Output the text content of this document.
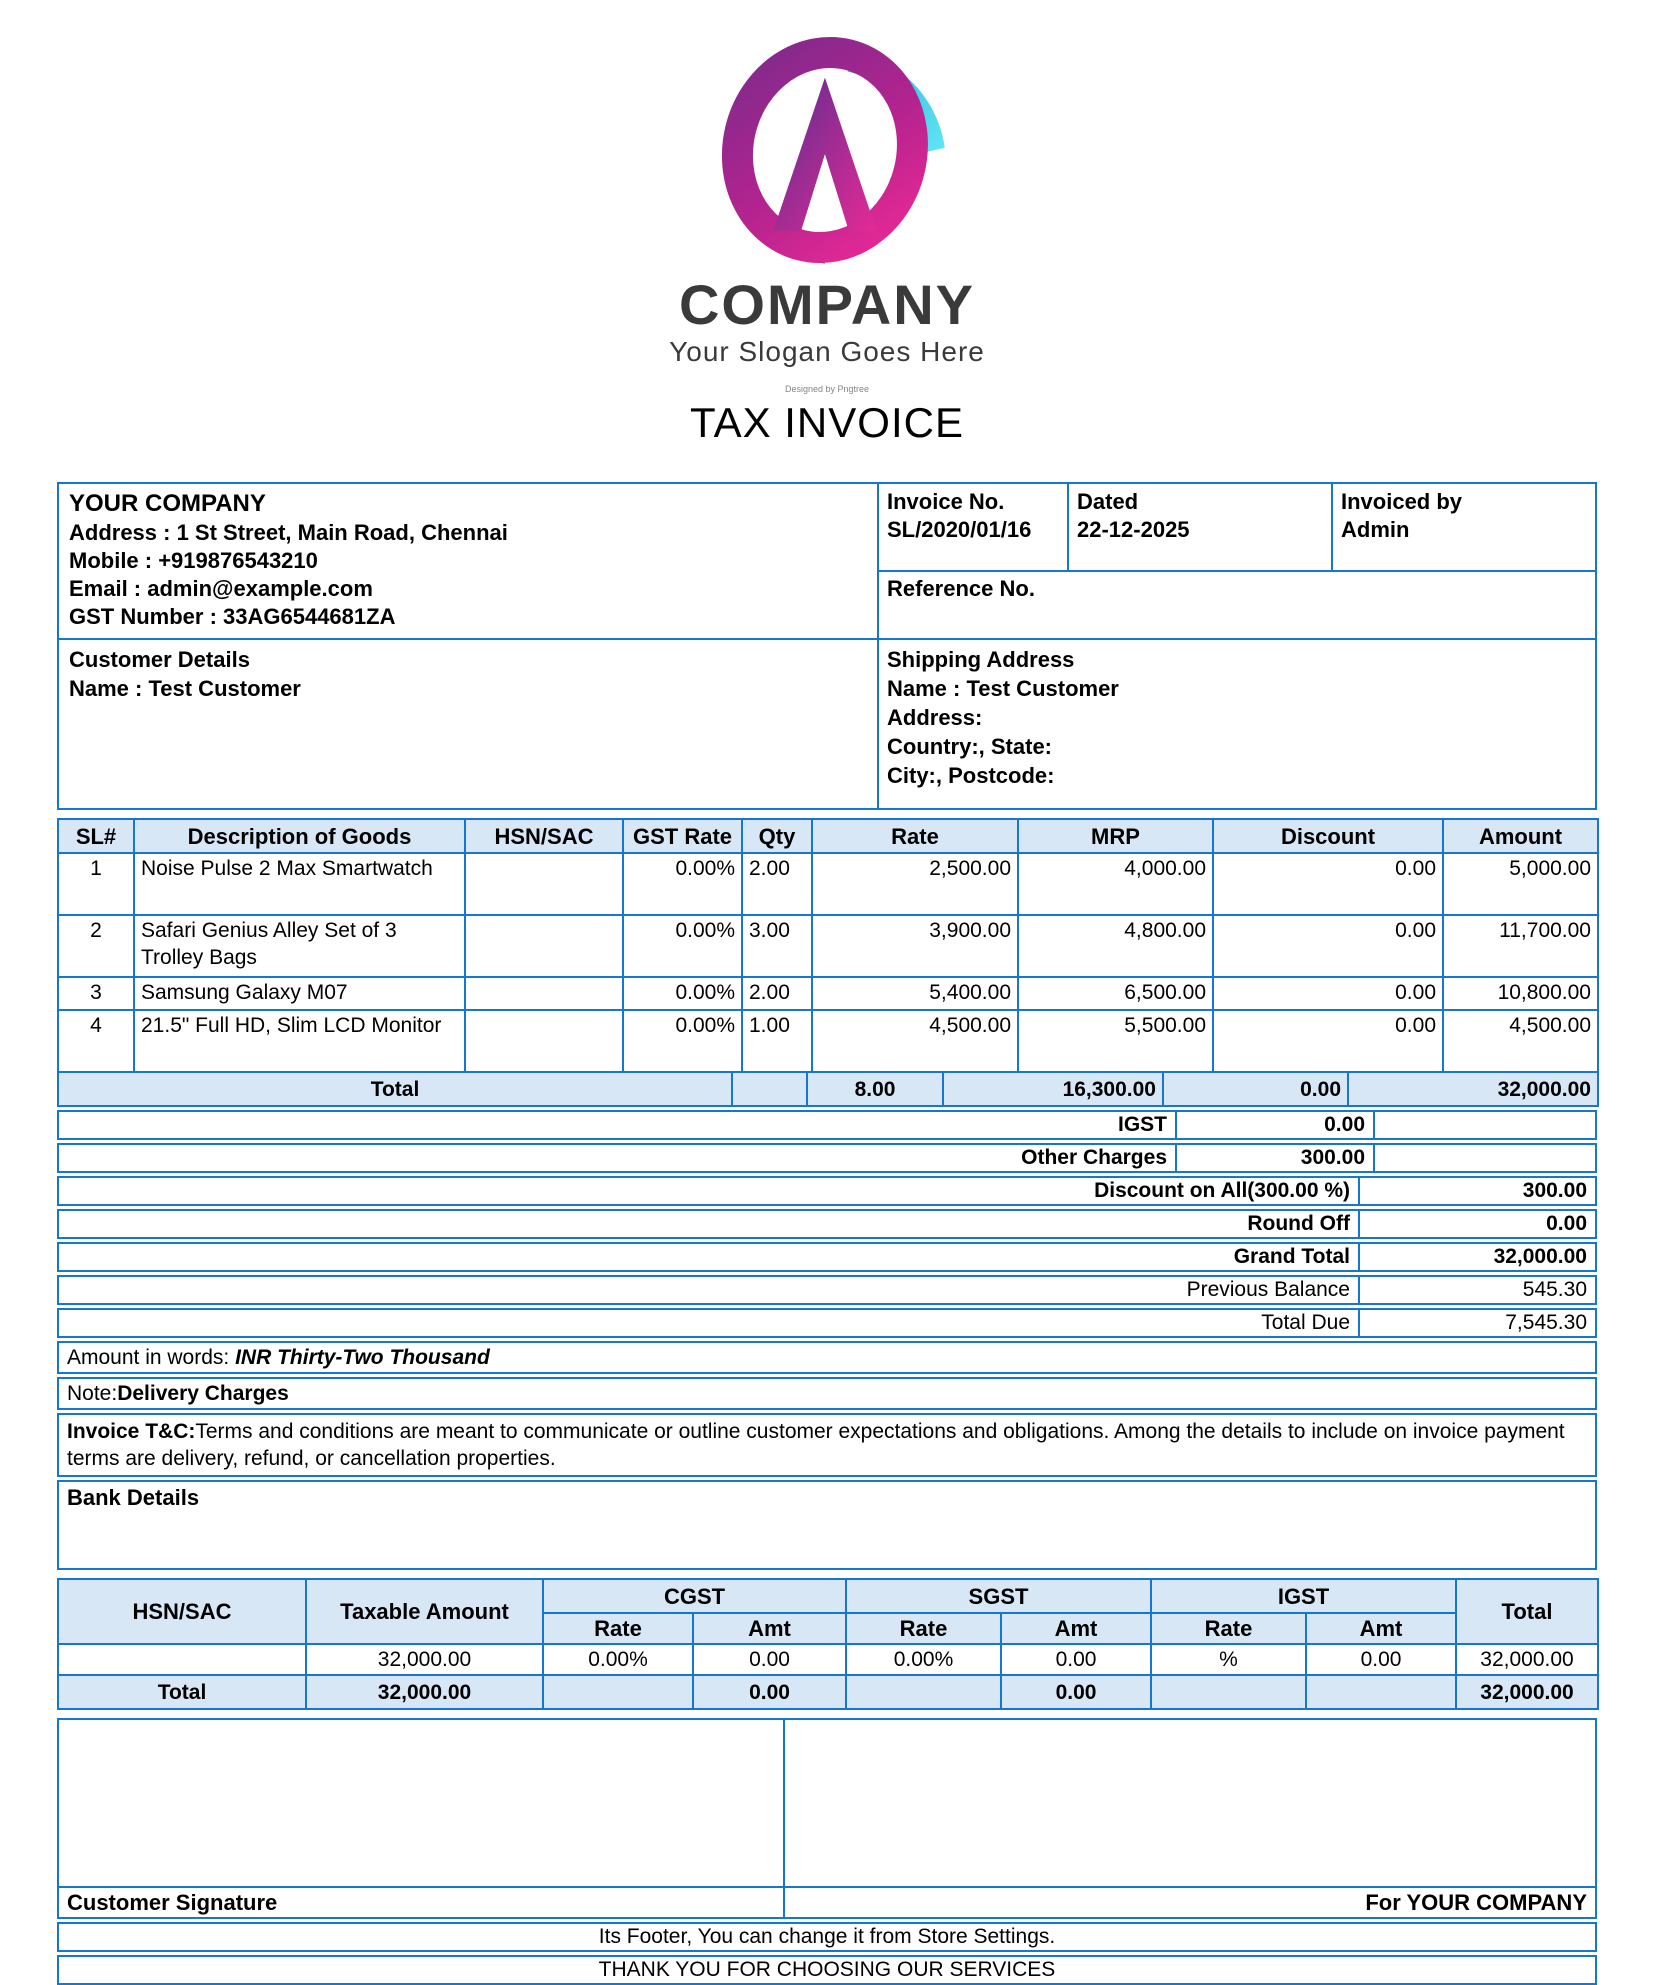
COMPANY
Your Slogan Goes Here
Designed by Pngtree
TAX INVOICE
YOUR COMPANY
Address : 1 St Street, Main Road, Chennai
Mobile : +919876543210
Email : admin@example.com
GST Number : 33AG6544681ZA
Invoice No.
SL/2020/01/16
Dated
22-12-2025
Invoiced by
Admin
Reference No.
Customer Details
Name : Test Customer
Shipping Address
Name : Test Customer
Address:
Country:, State:
City:, Postcode:
SL#	Description of Goods	HSN/SAC	GST Rate	Qty	Rate	MRP	Discount	Amount
1	Noise Pulse 2 Max Smartwatch		0.00%	2.00	2,500.00	4,000.00	0.00	5,000.00
2	Safari Genius Alley Set of 3 Trolley Bags		0.00%	3.00	3,900.00	4,800.00	0.00	11,700.00
3	Samsung Galaxy M07		0.00%	2.00	5,400.00	6,500.00	0.00	10,800.00
4	21.5" Full HD, Slim LCD Monitor		0.00%	1.00	4,500.00	5,500.00	0.00	4,500.00
Total		8.00	16,300.00	0.00	32,000.00
IGST	0.00
Other Charges	300.00
Discount on All(300.00 %)	300.00
Round Off	0.00
Grand Total	32,000.00
Previous Balance	545.30
Total Due	7,545.30
Amount in words: INR Thirty-Two Thousand
Note:Delivery Charges
Invoice T&C:Terms and conditions are meant to communicate or outline customer expectations and obligations. Among the details to include on invoice payment terms are delivery, refund, or cancellation properties.
Bank Details
HSN/SAC	Taxable Amount	CGST		SGST		IGST		Total
		Rate	Amt	Rate	Amt	Rate	Amt	
	32,000.00	0.00%	0.00	0.00%	0.00	%	0.00	32,000.00
Total	32,000.00		0.00		0.00			32,000.00
Customer Signature	For YOUR COMPANY
Its Footer, You can change it from Store Settings.
THANK YOU FOR CHOOSING OUR SERVICES
